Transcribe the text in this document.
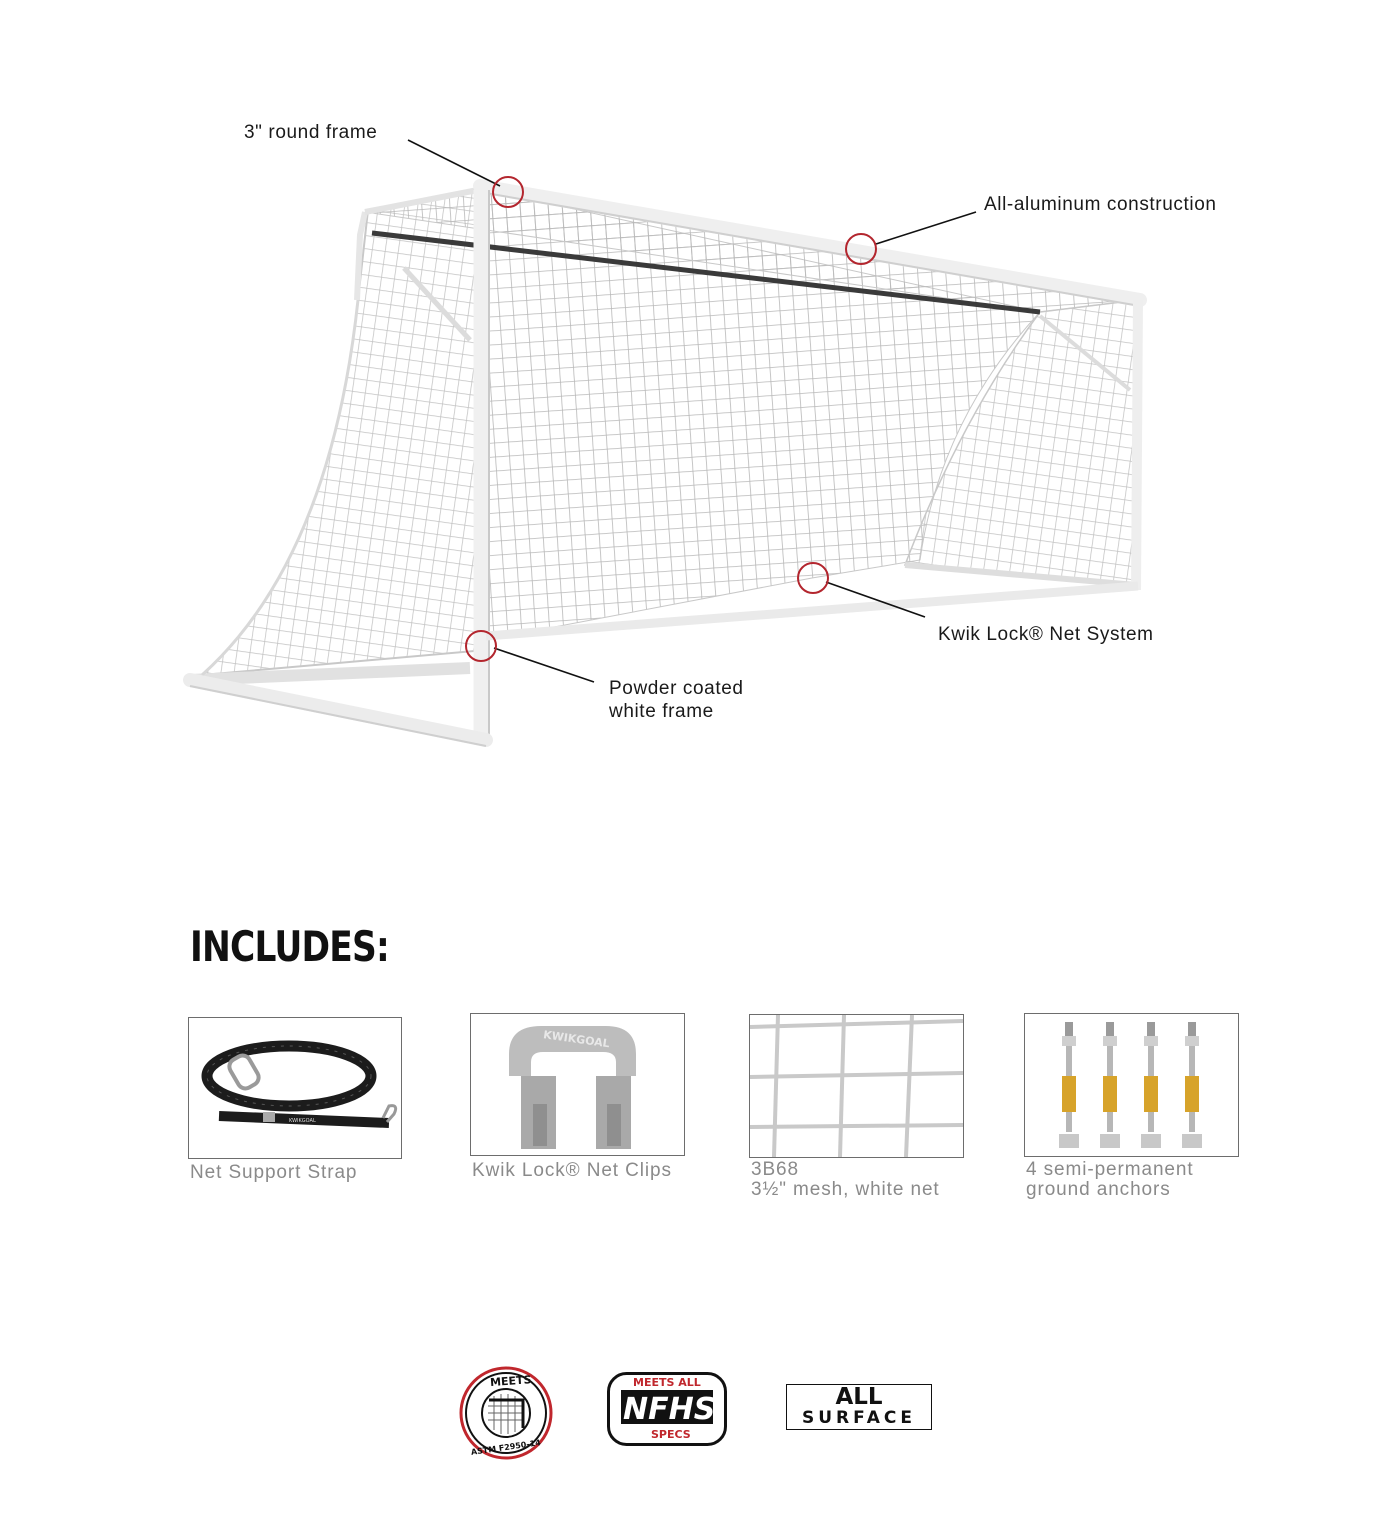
3" round frame
All-aluminum construction
Kwik Lock® Net System
Powder coated
white frame
INCLUDES:
KWIKGOAL
Net Support Strap
KWIKGOAL
Kwik Lock® Net Clips	3B68
3½" mesh, white net
4 semi-permanent
ground anchors
MEETS
ASTM F2950-14
MEETS ALL
NFHS
SPECS
ALL
SURFACE
